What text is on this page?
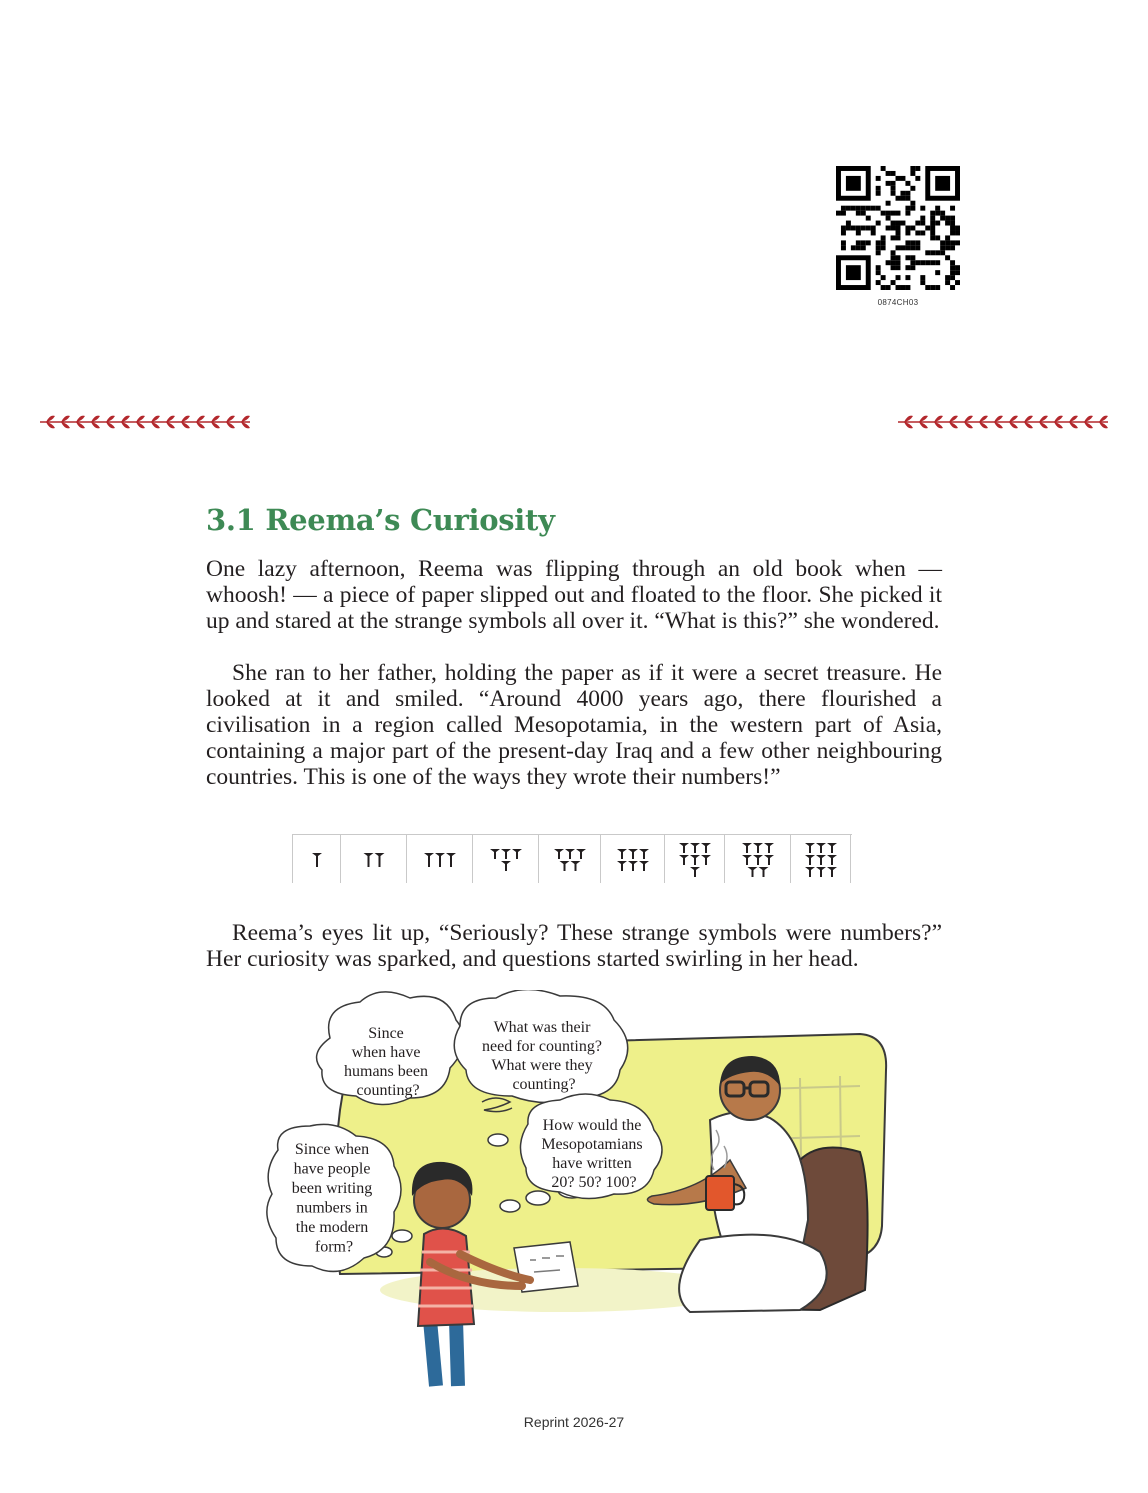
0874CH03
3.1 Reema’s Curiosity

One lazy afternoon, Reema was flipping through an old book when — whoosh! — a piece of paper slipped out and floated to the floor. She picked it up and stared at the strange symbols all over it. “What is this?” she wondered.

She ran to her father, holding the paper as if it were a secret treasure. He looked at it and smiled. “Around 4000 years ago, there flourished a civilisation in a region called Mesopotamia, in the western part of Asia, containing a major part of the present-day Iraq and a few other neighbouring countries. This is one of the ways they wrote their numbers!”

Reema’s eyes lit up, “Seriously? These strange symbols were numbers?” Her curiosity was sparked, and questions started swirling in her head.

Since when have humans been counting?
What was their need for counting? What were they counting?
How would the Mesopotamians have written 20? 50? 100?
Since when have people been writing numbers in the modern form?
Reprint 2026-27
